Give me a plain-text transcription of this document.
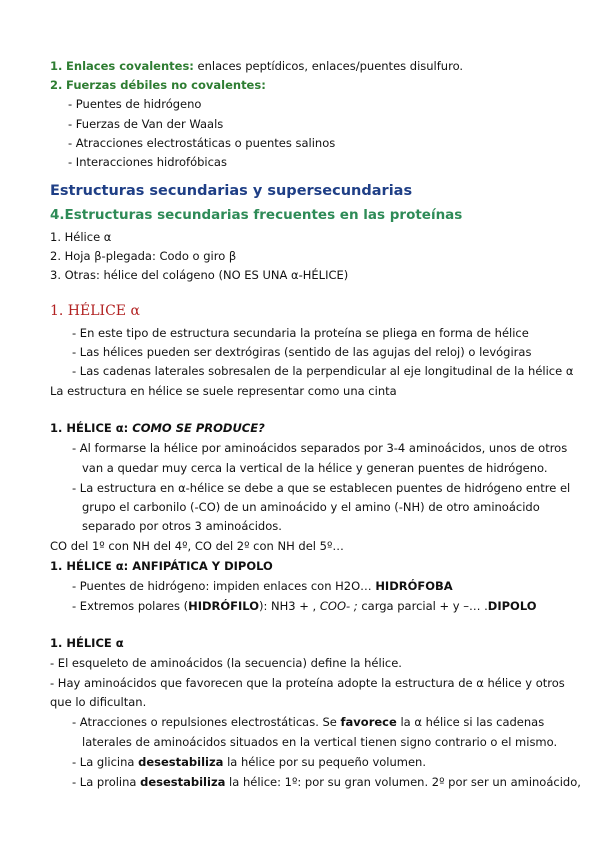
1. Enlaces covalentes: enlaces peptídicos, enlaces/puentes disulfuro.
2. Fuerzas débiles no covalentes:
- Puentes de hidrógeno
- Fuerzas de Van der Waals
- Atracciones electrostáticas o puentes salinos
- Interacciones hidrofóbicas
Estructuras secundarias y supersecundarias
4.Estructuras secundarias frecuentes en las proteínas
1. Hélice α
2. Hoja β-plegada: Codo o giro β
3. Otras: hélice del colágeno (NO ES UNA α-HÉLICE)
1. HÉLICE α
- En este tipo de estructura secundaria la proteína se pliega en forma de hélice
- Las hélices pueden ser dextrógiras (sentido de las agujas del reloj) o levógiras
- Las cadenas laterales sobresalen de la perpendicular al eje longitudinal de la hélice α
La estructura en hélice se suele representar como una cinta
1. HÉLICE α: COMO SE PRODUCE?
- Al formarse la hélice por aminoácidos separados por 3-4 aminoácidos, unos de otros
van a quedar muy cerca la vertical de la hélice y generan puentes de hidrógeno.
- La estructura en α-hélice se debe a que se establecen puentes de hidrógeno entre el
grupo el carbonilo (-CO) de un aminoácido y el amino (-NH) de otro aminoácido
separado por otros 3 aminoácidos.
CO del 1º con NH del 4º, CO del 2º con NH del 5º…
1. HÉLICE α: ANFIPÁTICA Y DIPOLO
- Puentes de hidrógeno: impiden enlaces con H2O… HIDRÓFOBA
- Extremos polares (HIDRÓFILO): NH3 + , COO- ; carga parcial + y –… .DIPOLO
1. HÉLICE α
- El esqueleto de aminoácidos (la secuencia) define la hélice.
- Hay aminoácidos que favorecen que la proteína adopte la estructura de α hélice y otros
que lo dificultan.
- Atracciones o repulsiones electrostáticas. Se favorece la α hélice si las cadenas
laterales de aminoácidos situados en la vertical tienen signo contrario o el mismo.
- La glicina desestabiliza la hélice por su pequeño volumen.
- La prolina desestabiliza la hélice: 1º: por su gran volumen. 2º por ser un aminoácido,
